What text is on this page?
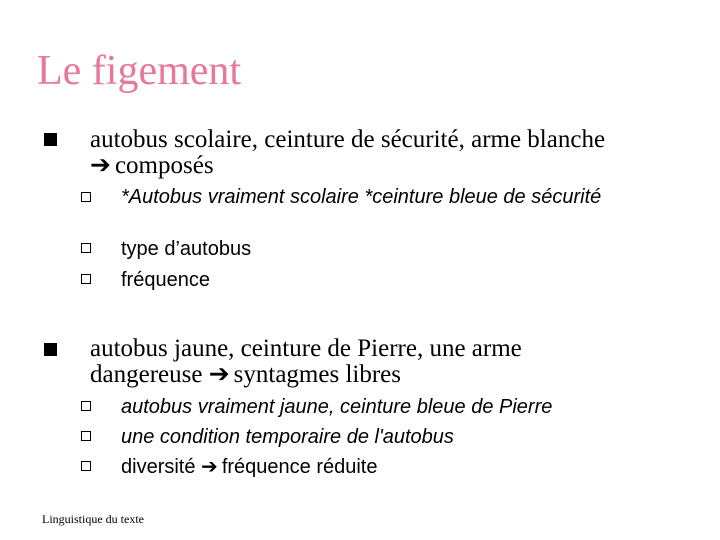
Le figement
autobus scolaire, ceinture de sécurité, arme blanche
➔ composés
*Autobus vraiment scolaire *ceinture bleue de sécurité
type d’autobus
fréquence
autobus jaune, ceinture de Pierre, une arme
dangereuse ➔ syntagmes libres
autobus vraiment jaune, ceinture bleue de Pierre
une condition temporaire de l'autobus
diversité ➔ fréquence réduite
Linguistique du texte
